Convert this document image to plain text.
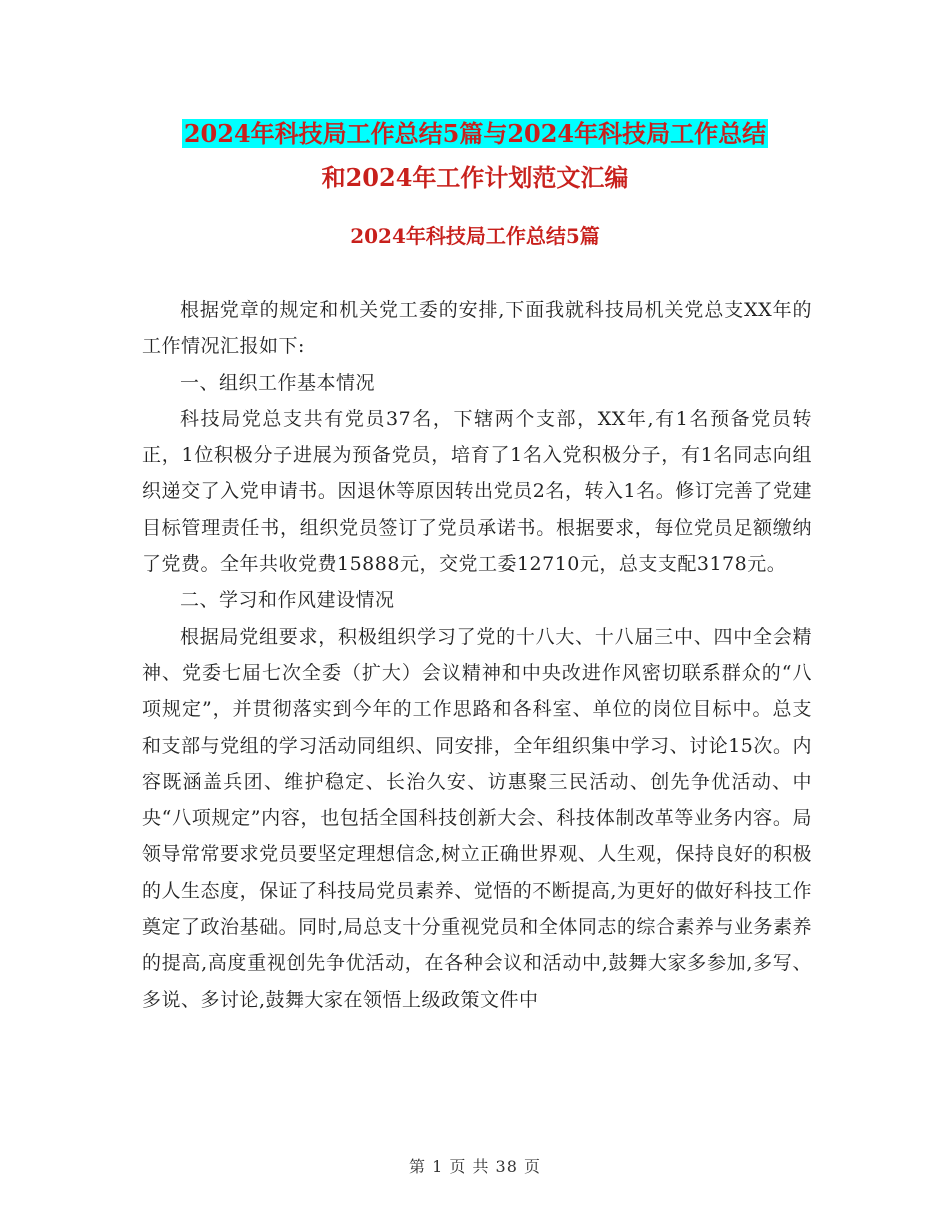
2024年科技局工作总结5篇与2024年科技局工作总结
和2024年工作计划范文汇编
2024年科技局工作总结5篇

根据党章的规定和机关党工委的安排,下面我就科技局机关党总支XX年的工作情况汇报如下:

一、组织工作基本情况

科技局党总支共有党员37名，下辖两个支部，XX年,有1名预备党员转正，1位积极分子进展为预备党员，培育了1名入党积极分子，有1名同志向组织递交了入党申请书。因退休等原因转出党员2名，转入1名。修订完善了党建目标管理责任书，组织党员签订了党员承诺书。根据要求，每位党员足额缴纳了党费。全年共收党费15888元，交党工委12710元，总支支配3178元。

二、学习和作风建设情况

根据局党组要求，积极组织学习了党的十八大、十八届三中、四中全会精神、党委七届七次全委（扩大）会议精神和中央改进作风密切联系群众的“八项规定”，并贯彻落实到今年的工作思路和各科室、单位的岗位目标中。总支和支部与党组的学习活动同组织、同安排，全年组织集中学习、讨论15次。内容既涵盖兵团、维护稳定、长治久安、访惠聚三民活动、创先争优活动、中央“八项规定”内容，也包括全国科技创新大会、科技体制改革等业务内容。局领导常常要求党员要坚定理想信念,树立正确世界观、人生观，保持良好的积极的人生态度，保证了科技局党员素养、觉悟的不断提高,为更好的做好科技工作奠定了政治基础。同时,局总支十分重视党员和全体同志的综合素养与业务素养的提高,高度重视创先争优活动，在各种会议和活动中,鼓舞大家多参加,多写、多说、多讨论,鼓舞大家在领悟上级政策文件中

第 1 页 共 38 页
